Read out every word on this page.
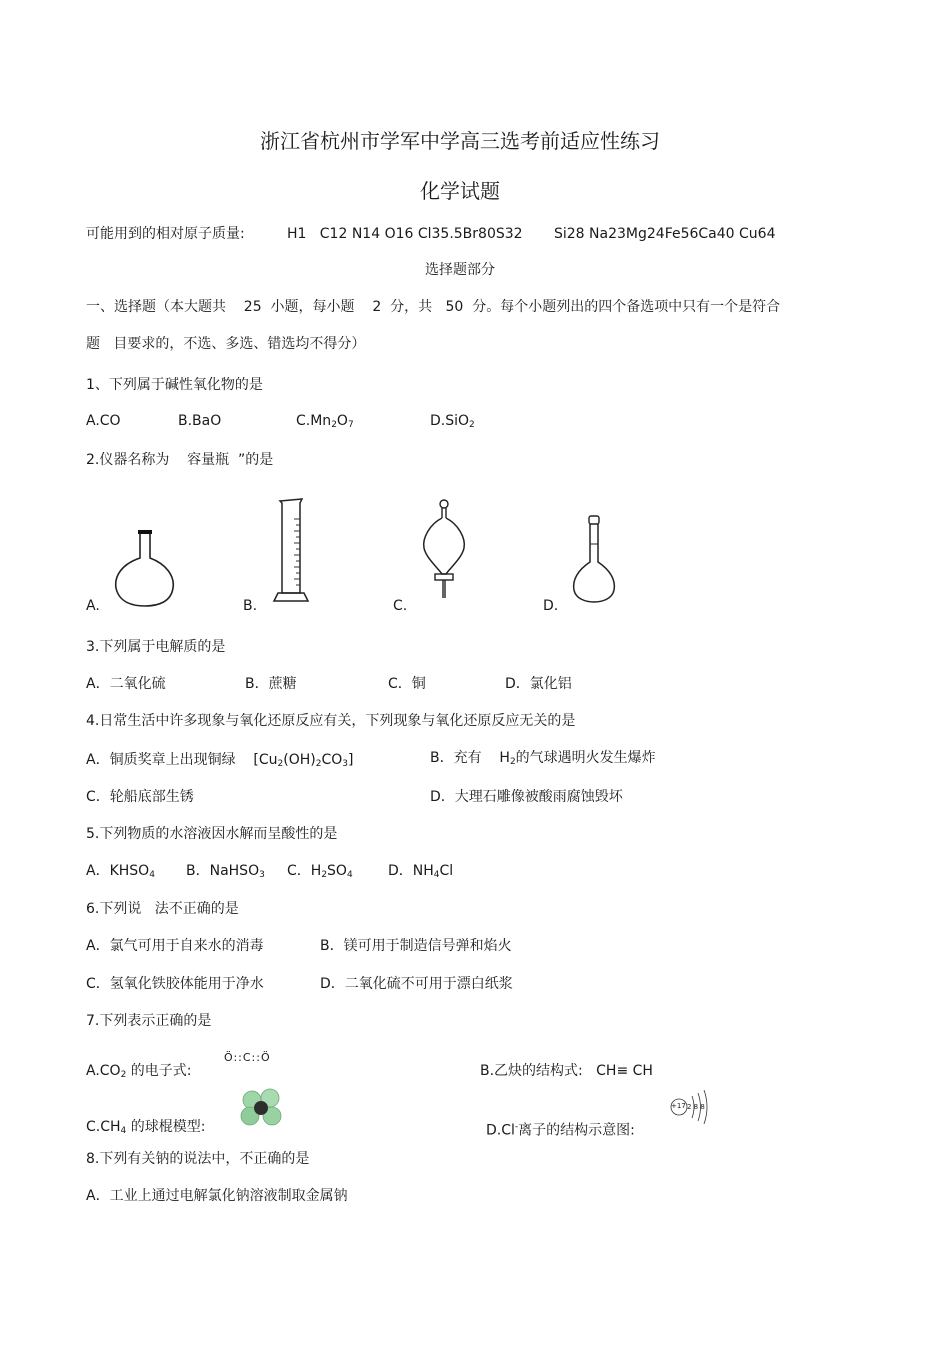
浙江省杭州市学军中学高三选考前适应性练习
化学试题
可能用到的相对原子质量:	H1   C12 N14 O16 Cl35.5Br80S32 Si28 Na23Mg24Fe56Ca40 Cu64
选择题部分
一、选择题（本大题共    25  小题，每小题    2  分，共   50  分。每个小题列出的四个备选项中只有一个是符合
题   目要求的，不选、多选、错选均不得分）
1、下列属于碱性氧化物的是
A.CO	B.BaO	$C.Mn_2O_7$	D.SiO$_2$
2.仪器名称为    容量瓶  ”的是
A.	B.	C.	D.
3.下列属于电解质的是
A．二氧化硫	B．蔗糖	C．铜	D．氯化铝
4.日常生活中许多现象与氧化还原反应有关，下列现象与氧化还原反应无关的是
A．铜质奖章上出现铜绿    $[Cu_2(OH)_2CO_3]$	B．充有    $H_2$的气球遇明火发生爆炸
C．轮船底部生锈	D．大理石雕像被酸雨腐蚀毁坏
5.下列物质的水溶液因水解而呈酸性的是
A．$KHSO_4$ B．NaHSO$_3$ C．$H_2SO_4$	D．$NH_4Cl$
6.下列说   法不正确的是
A．氯气可用于自来水的消毒	B．镁可用于制造信号弹和焰火
C．氢氧化铁胶体能用于净水	D．二氧化硫不可用于漂白纸浆
7.下列表示正确的是
$A.CO_2$ 的电子式:
Ö::C::Ö
B.乙炔的结构式: CH≡ CH
$C.CH_4$ 的球棍模型:	D.Cl-离子的结构示意图:
+17 2 8 8
8.下列有关钠的说法中，不正确的是
A．工业上通过电解氯化钠溶液制取金属钠
